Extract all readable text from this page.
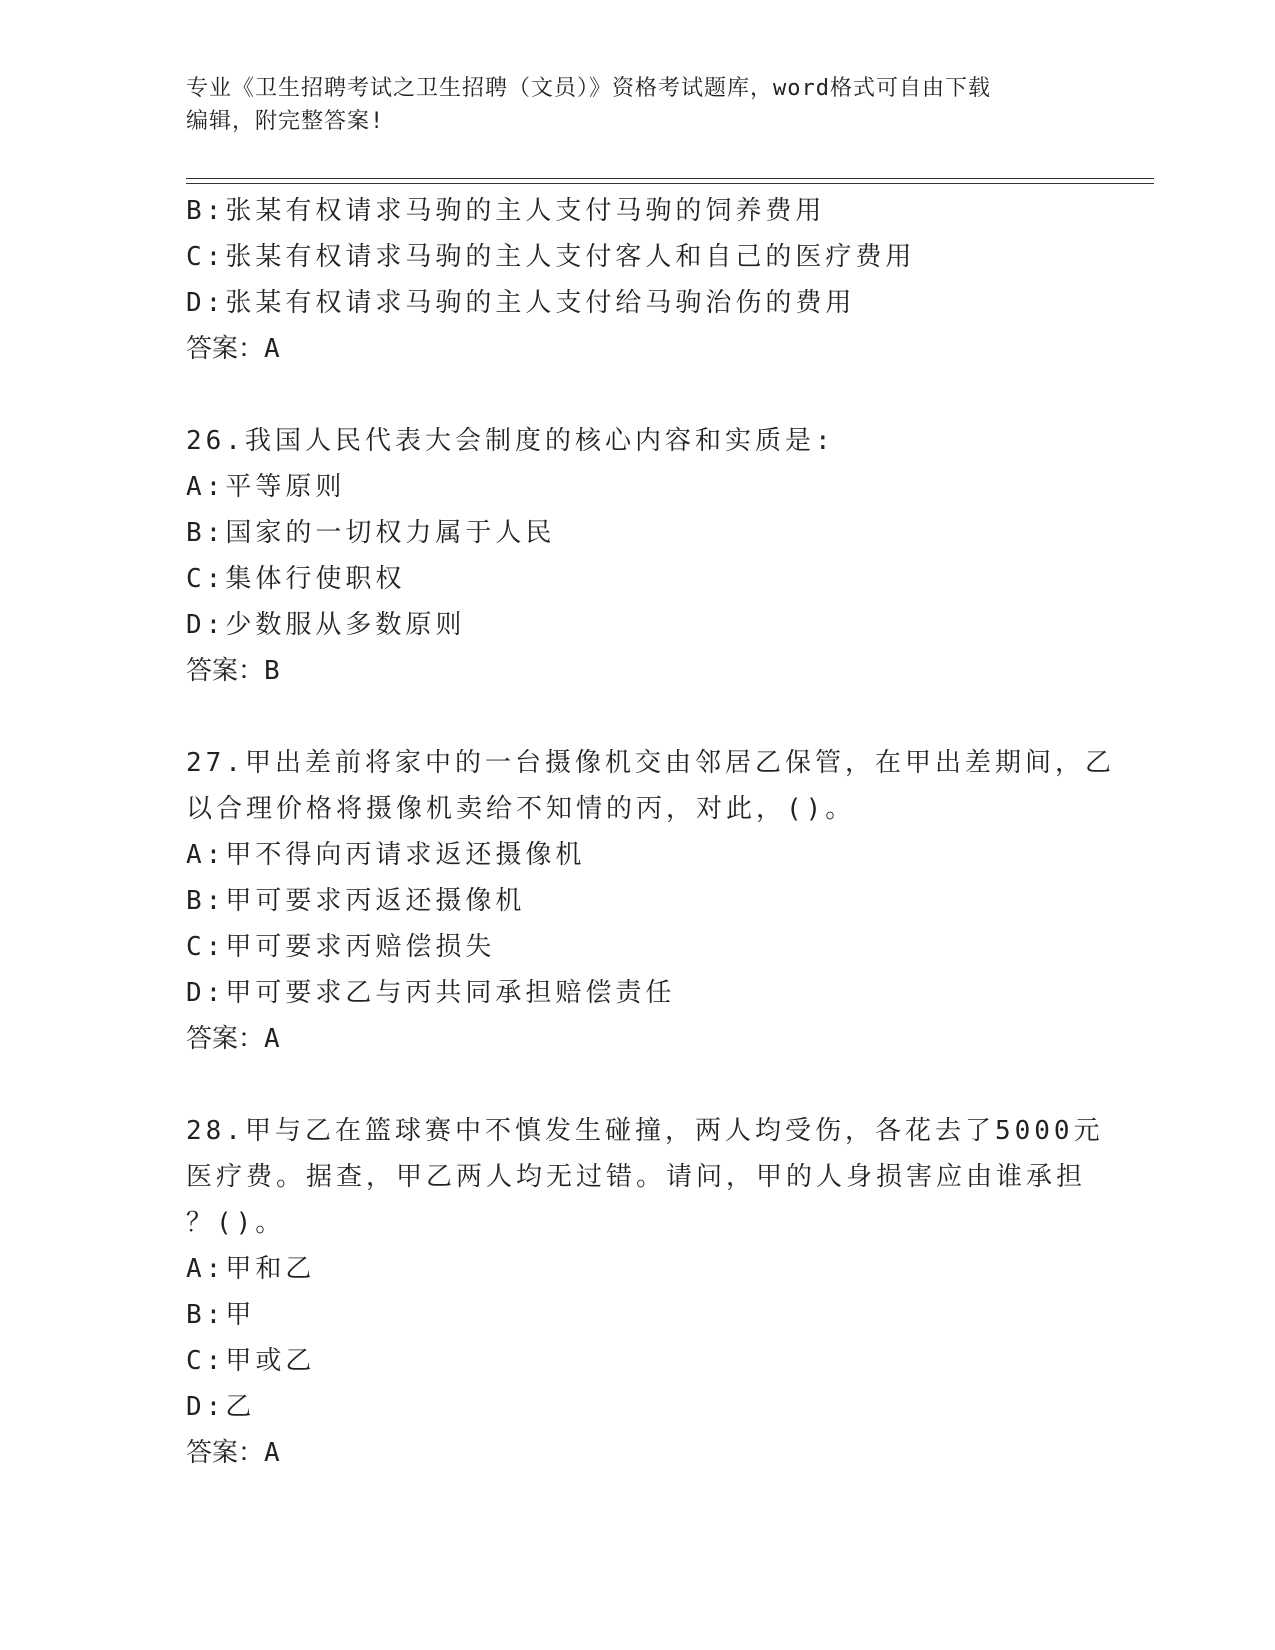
专业《卫生招聘考试之卫生招聘（文员）》资格考试题库，word格式可自由下载
编辑，附完整答案!
B:张某有权请求马驹的主人支付马驹的饲养费用
C:张某有权请求马驹的主人支付客人和自己的医疗费用
D:张某有权请求马驹的主人支付给马驹治伤的费用
答案：A
26.我国人民代表大会制度的核心内容和实质是:
A:平等原则
B:国家的一切权力属于人民
C:集体行使职权
D:少数服从多数原则
答案：B
27.甲出差前将家中的一台摄像机交由邻居乙保管，在甲出差期间，乙
以合理价格将摄像机卖给不知情的丙，对此，()。
A:甲不得向丙请求返还摄像机
B:甲可要求丙返还摄像机
C:甲可要求丙赔偿损失
D:甲可要求乙与丙共同承担赔偿责任
答案：A
28.甲与乙在篮球赛中不慎发生碰撞，两人均受伤，各花去了5000元
医疗费。据查，甲乙两人均无过错。请问，甲的人身损害应由谁承担
？()。
A:甲和乙
B:甲
C:甲或乙
D:乙
答案：A
